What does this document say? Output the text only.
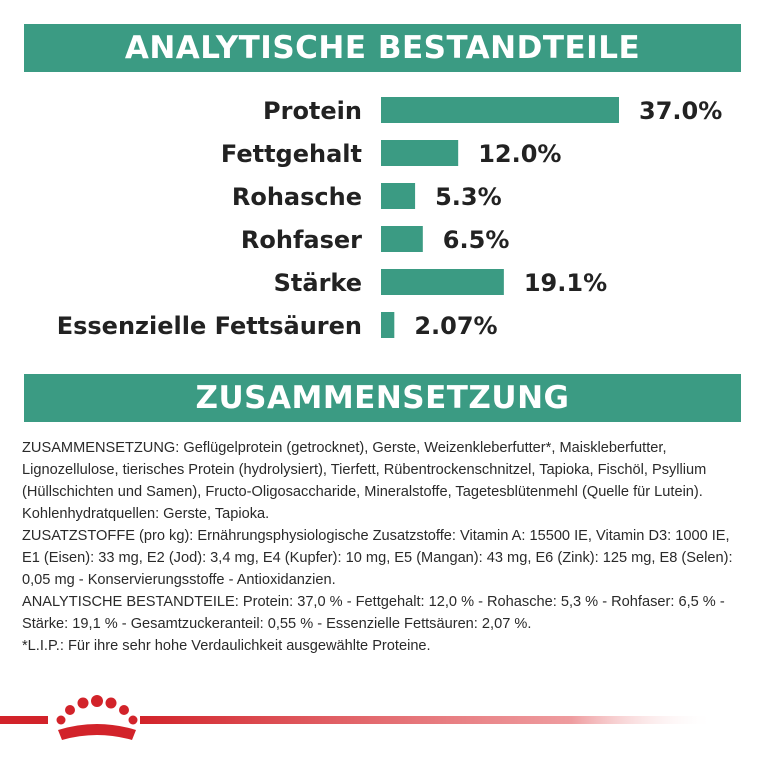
ANALYTISCHE BESTANDTEILE
Protein	37.0%
Fettgehalt	12.0%
Rohasche	5.3%
Rohfaser	6.5%
Stärke	19.1%
Essenzielle Fettsäuren 2.07%
ZUSAMMENSETZUNG

ZUSAMMENSETZUNG: Geflügelprotein (getrocknet), Gerste, Weizenkleberfutter*, Maiskleberfutter, Lignozellulose, tierisches Protein (hydrolysiert), Tierfett, Rübentrockenschnitzel, Tapioka, Fischöl, Psyllium (Hüllschichten und Samen), Fructo-Oligosaccharide, Mineralstoffe, Tagetesblütenmehl (Quelle für Lutein). Kohlenhydratquellen: Gerste, Tapioka.

ZUSATZSTOFFE (pro kg): Ernährungsphysiologische Zusatzstoffe: Vitamin A: 15500 IE, Vitamin D3: 1000 IE, E1 (Eisen): 33 mg, E2 (Jod): 3,4 mg, E4 (Kupfer): 10 mg, E5 (Mangan): 43 mg, E6 (Zink): 125 mg, E8 (Selen): 0,05 mg - Konservierungsstoffe - Antioxidanzien.

ANALYTISCHE BESTANDTEILE: Protein: 37,0 % - Fettgehalt: 12,0 % - Rohasche: 5,3 % - Rohfaser: 6,5 % - Stärke: 19,1 % - Gesamtzuckeranteil: 0,55 % - Essenzielle Fettsäuren: 2,07 %.

*L.I.P.: Für ihre sehr hohe Verdaulichkeit ausgewählte Proteine.
